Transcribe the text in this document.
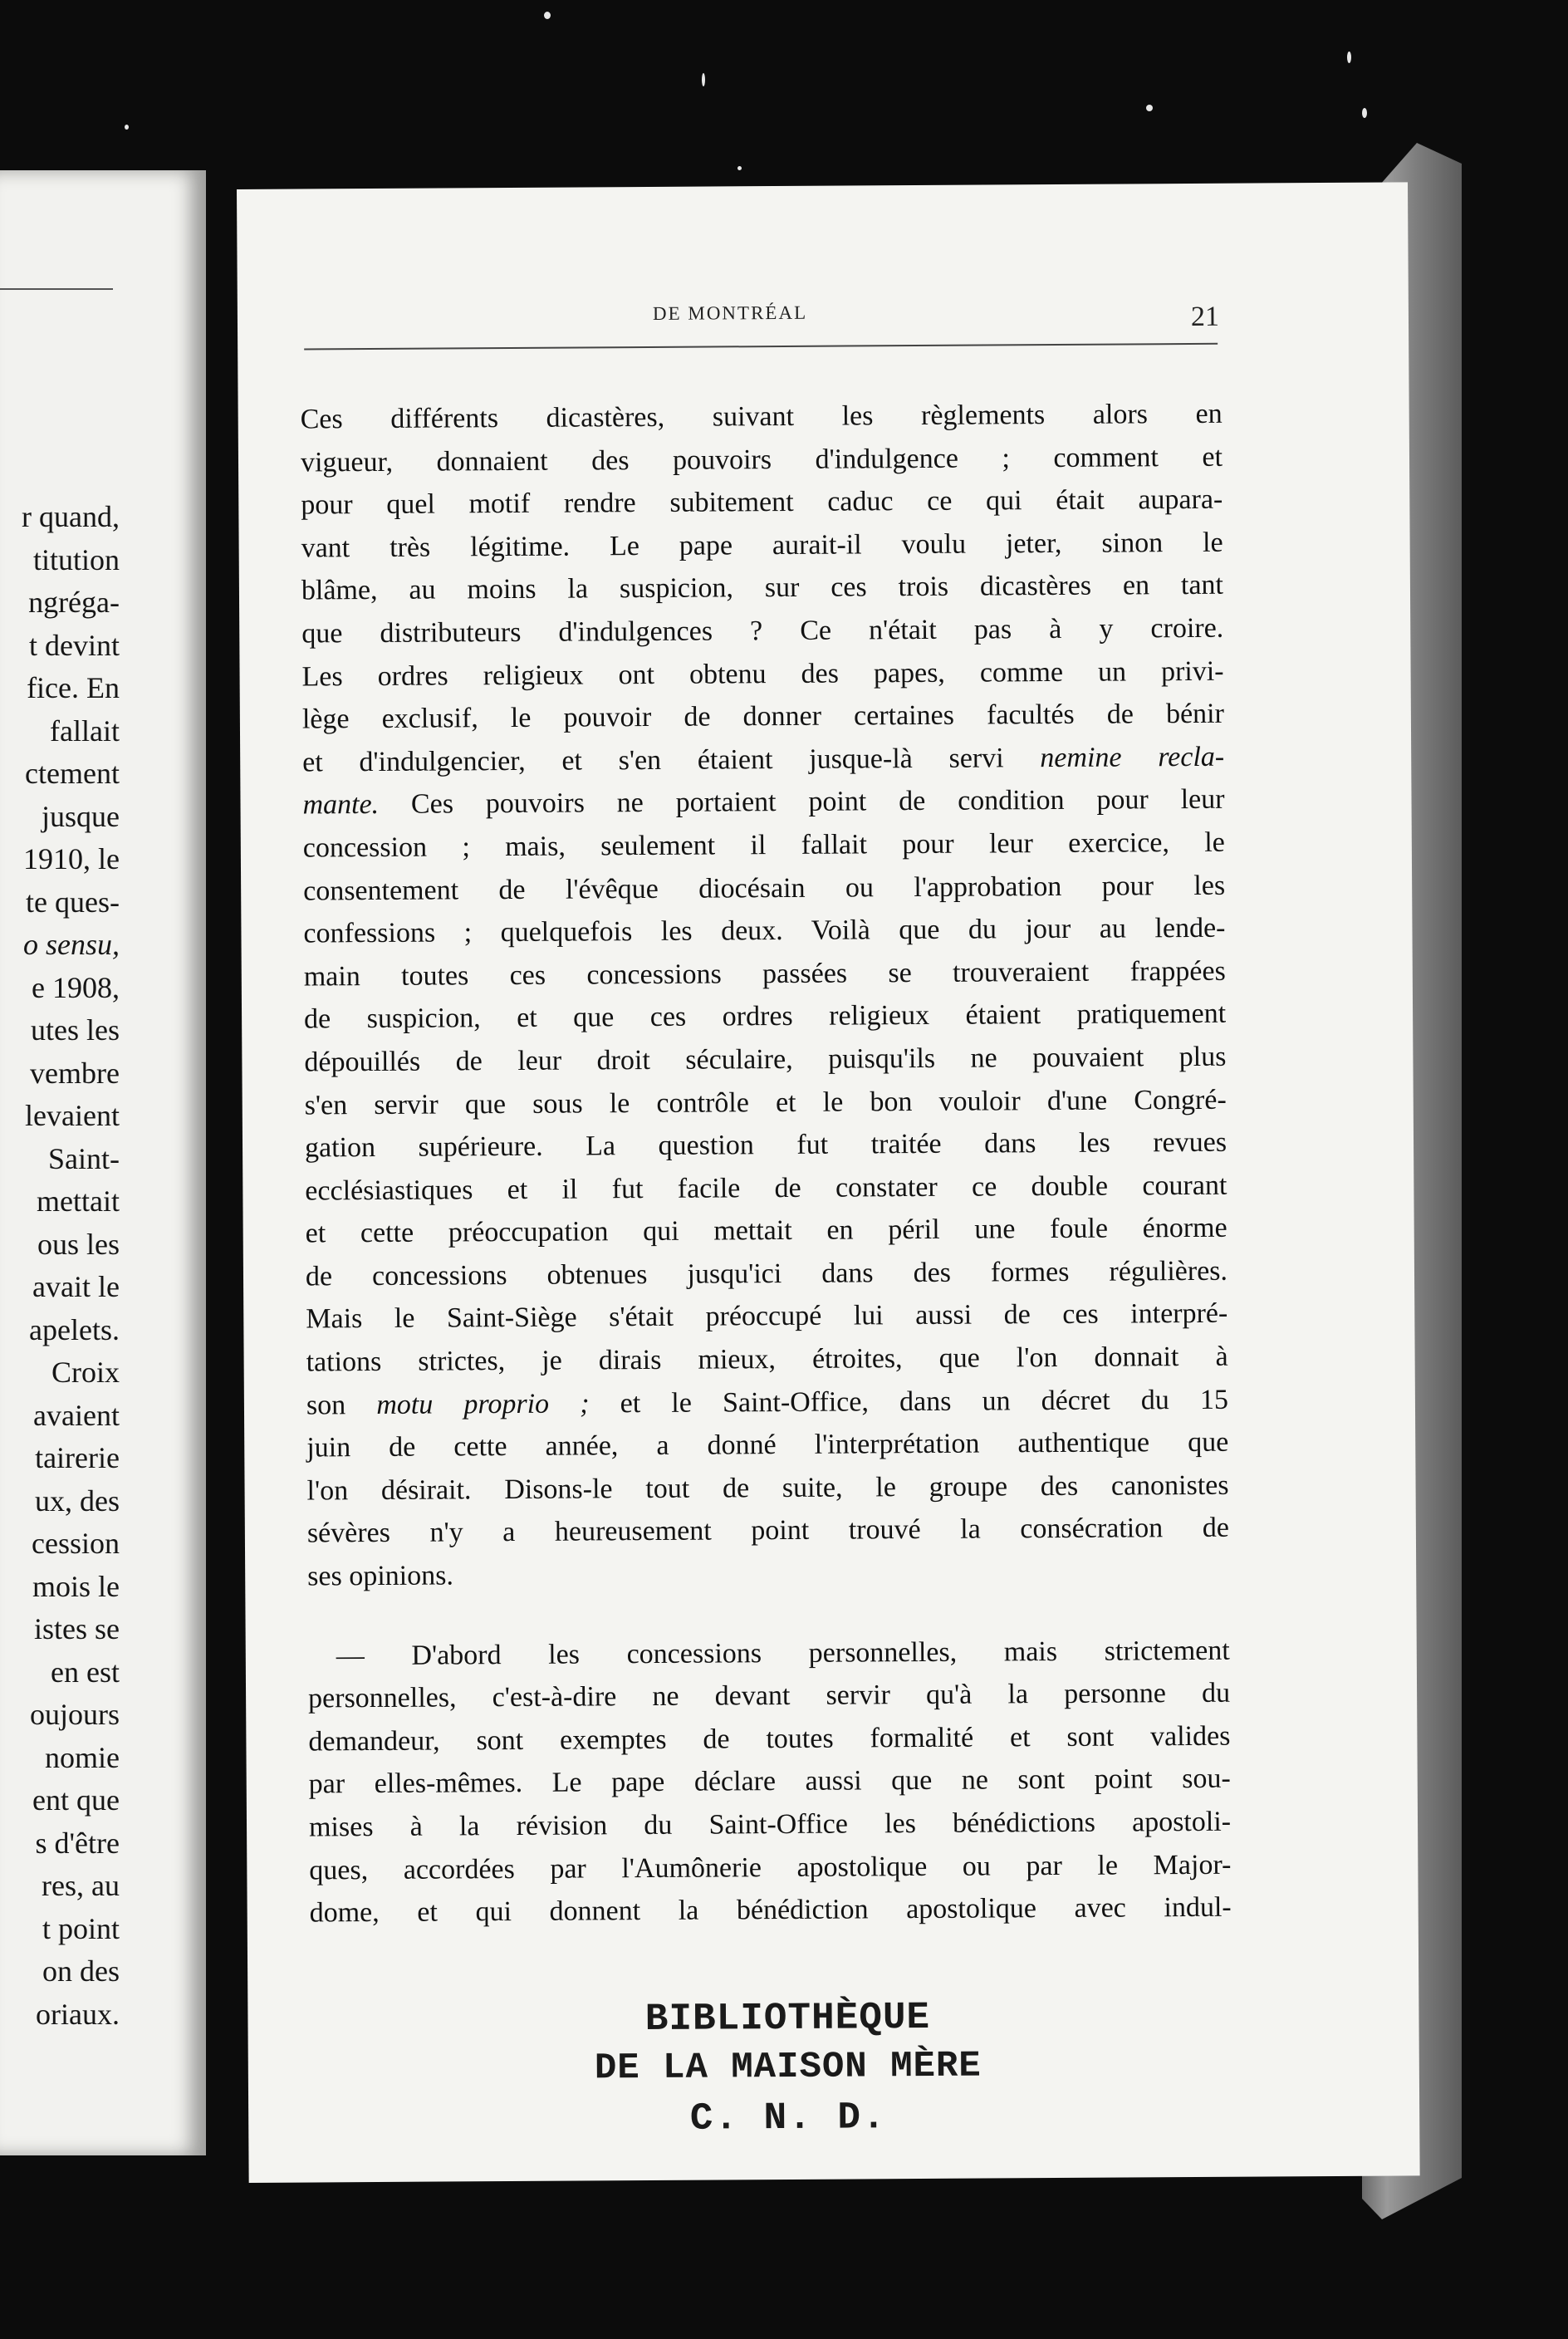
r quand,
titution
ngréga-
t devint
fice. En
fallait
ctement
jusque
1910, le
te ques-
o sensu,
e 1908,
utes les
vembre
levaient
Saint-
mettait
ous les
avait le
apelets.
Croix
avaient
tairerie
ux, des
cession
mois le
istes se
en est
oujours
nomie
ent que
s d'être
res, au
t point
on des
oriaux.
DE MONTRÉAL	21
Ces différents dicastères, suivant les règlements alors en
vigueur, donnaient des pouvoirs d'indulgence ; comment et
pour quel motif rendre subitement caduc ce qui était aupara-
vant très légitime. Le pape aurait-il voulu jeter, sinon le
blâme, au moins la suspicion, sur ces trois dicastères en tant
que distributeurs d'indulgences ? Ce n'était pas à y croire.
Les ordres religieux ont obtenu des papes, comme un privi-
lège exclusif, le pouvoir de donner certaines facultés de bénir
et d'indulgencier, et s'en étaient jusque-là servi nemine recla-
mante. Ces pouvoirs ne portaient point de condition pour leur
concession ; mais, seulement il fallait pour leur exercice, le
consentement de l'évêque diocésain ou l'approbation pour les
confessions ; quelquefois les deux. Voilà que du jour au lende-
main toutes ces concessions passées se trouveraient frappées
de suspicion, et que ces ordres religieux étaient pratiquement
dépouillés de leur droit séculaire, puisqu'ils ne pouvaient plus
s'en servir que sous le contrôle et le bon vouloir d'une Congré-
gation supérieure. La question fut traitée dans les revues
ecclésiastiques et il fut facile de constater ce double courant
et cette préoccupation qui mettait en péril une foule énorme
de concessions obtenues jusqu'ici dans des formes régulières.
Mais le Saint-Siège s'était préoccupé lui aussi de ces interpré-
tations strictes, je dirais mieux, étroites, que l'on donnait à
son motu proprio ; et le Saint-Office, dans un décret du 15
juin de cette année, a donné l'interprétation authentique que
l'on désirait. Disons-le tout de suite, le groupe des canonistes
sévères n'y a heureusement point trouvé la consécration de
ses opinions.
— D'abord les concessions personnelles, mais strictement
personnelles, c'est-à-dire ne devant servir qu'à la personne du
demandeur, sont exemptes de toutes formalité et sont valides
par elles-mêmes. Le pape déclare aussi que ne sont point sou-
mises à la révision du Saint-Office les bénédictions apostoli-
ques, accordées par l'Aumônerie apostolique ou par le Major-
dome, et qui donnent la bénédiction apostolique avec indul-
BIBLIOTHÈQUE
DE LA MAISON MÈRE
C. N. D.
